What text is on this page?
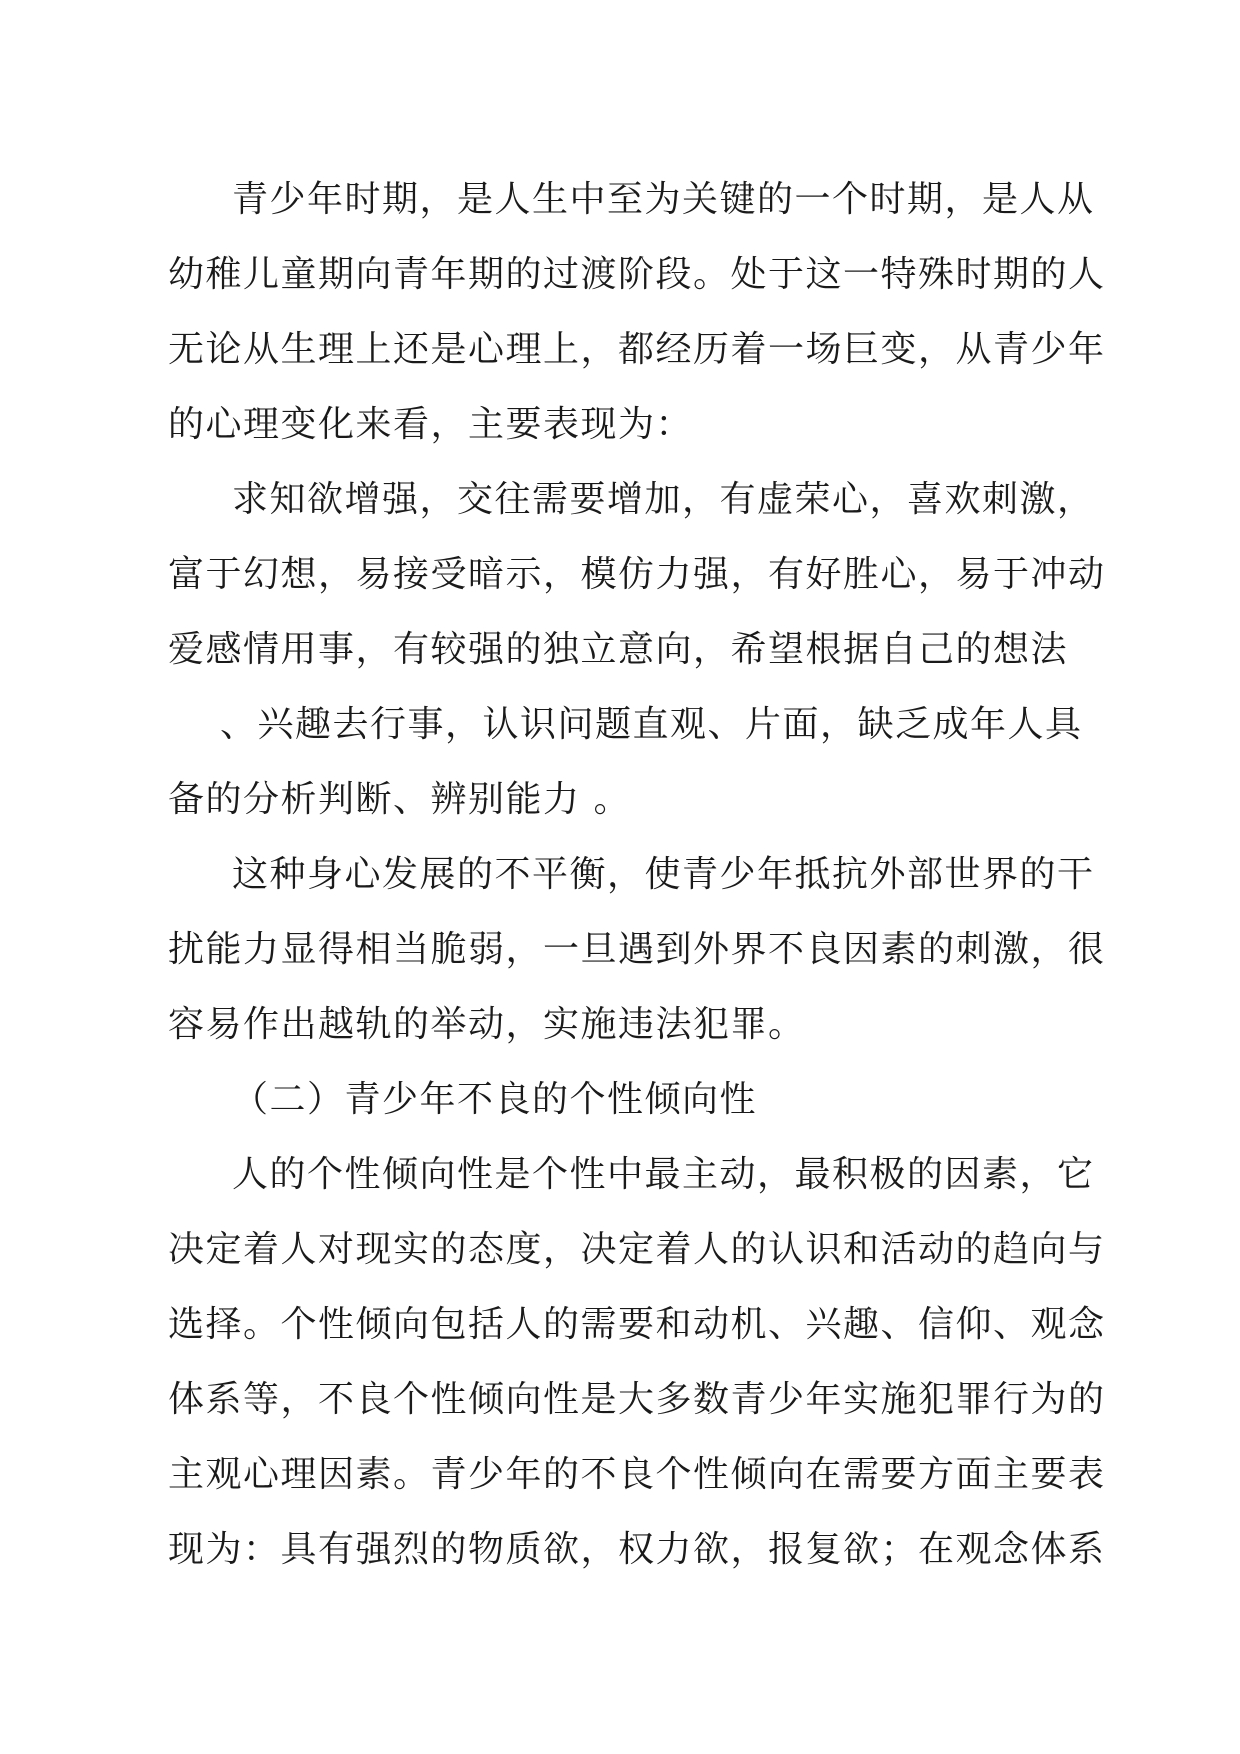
青少年时期，是人生中至为关键的一个时期，是人从
幼稚儿童期向青年期的过渡阶段。处于这一特殊时期的人
无论从生理上还是心理上，都经历着一场巨变，从青少年
的心理变化来看，主要表现为：
求知欲增强，交往需要增加，有虚荣心，喜欢刺激，
富于幻想，易接受暗示，模仿力强，有好胜心，易于冲动
爱感情用事，有较强的独立意向，希望根据自己的想法
、兴趣去行事，认识问题直观、片面，缺乏成年人具
备的分析判断、辨别能力 。
这种身心发展的不平衡，使青少年抵抗外部世界的干
扰能力显得相当脆弱，一旦遇到外界不良因素的刺激，很
容易作出越轨的举动，实施违法犯罪。
（二）青少年不良的个性倾向性
人的个性倾向性是个性中最主动，最积极的因素，它
决定着人对现实的态度，决定着人的认识和活动的趋向与
选择。个性倾向包括人的需要和动机、兴趣、信仰、观念
体系等，不良个性倾向性是大多数青少年实施犯罪行为的
主观心理因素。青少年的不良个性倾向在需要方面主要表
现为：具有强烈的物质欲，权力欲，报复欲；在观念体系
